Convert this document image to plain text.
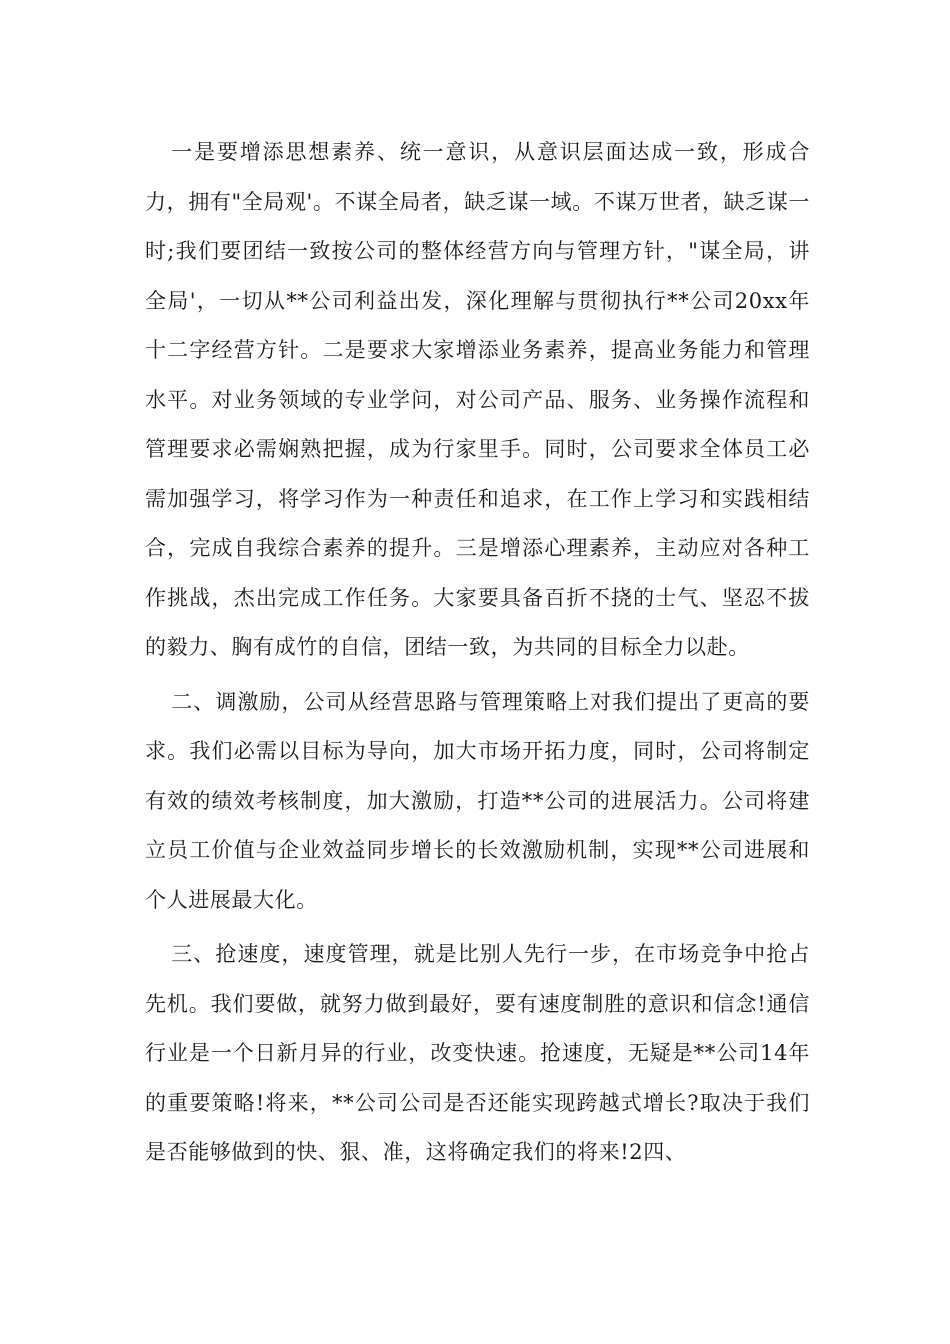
一是要增添思想素养、统一意识，从意识层面达成一致，形成合力，拥有"全局观'。不谋全局者，缺乏谋一域。不谋万世者，缺乏谋一时;我们要团结一致按公司的整体经营方向与管理方针，"谋全局，讲全局'，一切从**公司利益出发，深化理解与贯彻执行**公司20xx年十二字经营方针。二是要求大家增添业务素养，提高业务能力和管理水平。对业务领域的专业学问，对公司产品、服务、业务操作流程和管理要求必需娴熟把握，成为行家里手。同时，公司要求全体员工必需加强学习，将学习作为一种责任和追求，在工作上学习和实践相结合，完成自我综合素养的提升。三是增添心理素养，主动应对各种工作挑战，杰出完成工作任务。大家要具备百折不挠的士气、坚忍不拔的毅力、胸有成竹的自信，团结一致，为共同的目标全力以赴。

二、调激励，公司从经营思路与管理策略上对我们提出了更高的要求。我们必需以目标为导向，加大市场开拓力度，同时，公司将制定有效的绩效考核制度，加大激励，打造**公司的进展活力。公司将建立员工价值与企业效益同步增长的长效激励机制，实现**公司进展和个人进展最大化。

三、抢速度，速度管理，就是比别人先行一步，在市场竞争中抢占先机。我们要做，就努力做到最好，要有速度制胜的意识和信念!通信行业是一个日新月异的行业，改变快速。抢速度，无疑是**公司14年的重要策略!将来，**公司公司是否还能实现跨越式增长?取决于我们是否能够做到的快、狠、准，这将确定我们的将来!2四、
